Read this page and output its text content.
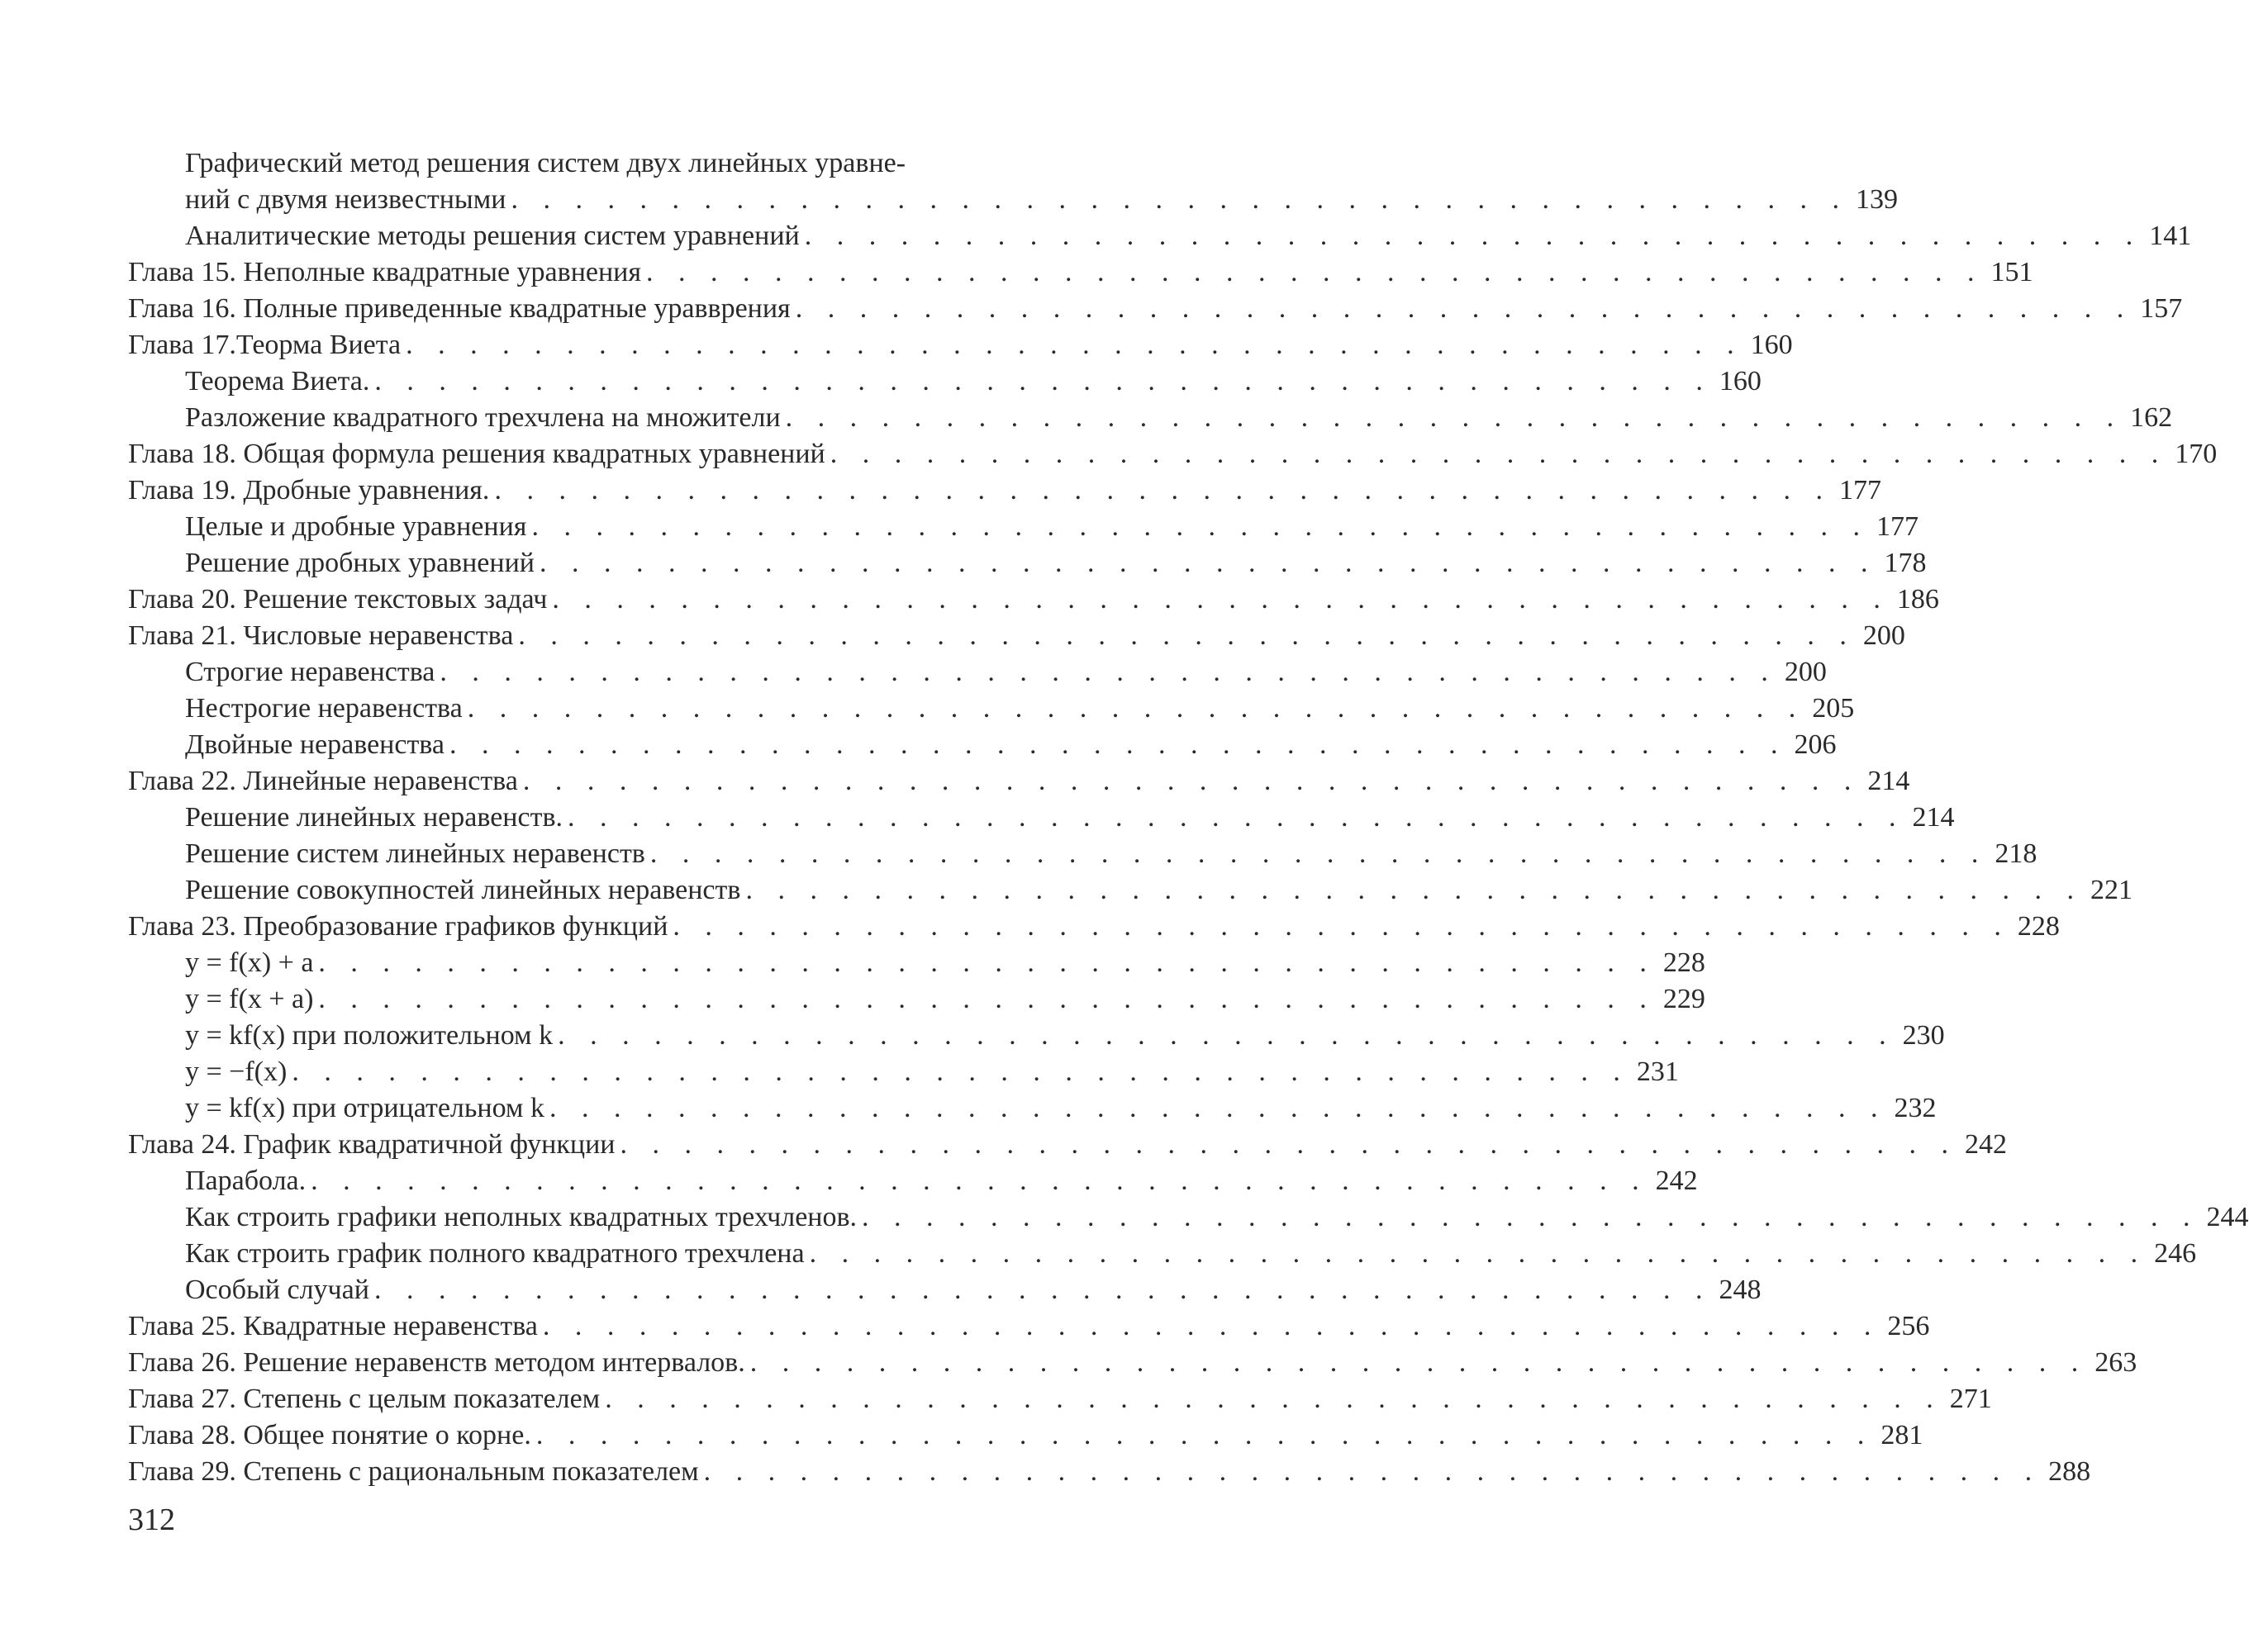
Графический метод решения систем двух линейных уравне-
ний с двумя неизвестными . . . . . . . . . . . . . . . . . . . . . . . . . . . . . . . . . . . . . . . . . . 139
Аналитические методы решения систем уравнений . . . . . . . . . . . . . . . . . . . . . . . . . . . . . . . . . . . . . . . . . . 141
Глава 15. Неполные квадратные уравнения . . . . . . . . . . . . . . . . . . . . . . . . . . . . . . . . . . . . . . . . . . 151
Глава 16. Полные приведенные квадратные уравврения . . . . . . . . . . . . . . . . . . . . . . . . . . . . . . . . . . . . . . . . . . 157
Глава 17.Теорма Виета . . . . . . . . . . . . . . . . . . . . . . . . . . . . . . . . . . . . . . . . . . 160
Теорема Виета. . . . . . . . . . . . . . . . . . . . . . . . . . . . . . . . . . . . . . . . . . . 160
Разложение квадратного трехчлена на множители . . . . . . . . . . . . . . . . . . . . . . . . . . . . . . . . . . . . . . . . . . 162
Глава 18. Общая формула решения квадратных уравнений . . . . . . . . . . . . . . . . . . . . . . . . . . . . . . . . . . . . . . . . . . 170
Глава 19. Дробные уравнения. . . . . . . . . . . . . . . . . . . . . . . . . . . . . . . . . . . . . . . . . . . 177
Целые и дробные уравнения . . . . . . . . . . . . . . . . . . . . . . . . . . . . . . . . . . . . . . . . . . 177
Решение дробных уравнений . . . . . . . . . . . . . . . . . . . . . . . . . . . . . . . . . . . . . . . . . . 178
Глава 20. Решение текстовых задач . . . . . . . . . . . . . . . . . . . . . . . . . . . . . . . . . . . . . . . . . . 186
Глава 21. Числовые неравенства . . . . . . . . . . . . . . . . . . . . . . . . . . . . . . . . . . . . . . . . . . 200
Строгие неравенства . . . . . . . . . . . . . . . . . . . . . . . . . . . . . . . . . . . . . . . . . . 200
Нестрогие неравенства . . . . . . . . . . . . . . . . . . . . . . . . . . . . . . . . . . . . . . . . . . 205
Двойные неравенства . . . . . . . . . . . . . . . . . . . . . . . . . . . . . . . . . . . . . . . . . . 206
Глава 22. Линейные неравенства . . . . . . . . . . . . . . . . . . . . . . . . . . . . . . . . . . . . . . . . . . 214
Решение линейных неравенств. . . . . . . . . . . . . . . . . . . . . . . . . . . . . . . . . . . . . . . . . . . 214
Решение систем линейных неравенств . . . . . . . . . . . . . . . . . . . . . . . . . . . . . . . . . . . . . . . . . . 218
Решение совокупностей линейных неравенств . . . . . . . . . . . . . . . . . . . . . . . . . . . . . . . . . . . . . . . . . . 221
Глава 23. Преобразование графиков функций . . . . . . . . . . . . . . . . . . . . . . . . . . . . . . . . . . . . . . . . . . 228
y = f(x) + a . . . . . . . . . . . . . . . . . . . . . . . . . . . . . . . . . . . . . . . . . . 228
y = f(x + a) . . . . . . . . . . . . . . . . . . . . . . . . . . . . . . . . . . . . . . . . . . 229
y = kf(x) при положительном k . . . . . . . . . . . . . . . . . . . . . . . . . . . . . . . . . . . . . . . . . . 230
y = −f(x) . . . . . . . . . . . . . . . . . . . . . . . . . . . . . . . . . . . . . . . . . . 231
y = kf(x) при отрицательном k . . . . . . . . . . . . . . . . . . . . . . . . . . . . . . . . . . . . . . . . . . 232
Глава 24. График квадратичной функции . . . . . . . . . . . . . . . . . . . . . . . . . . . . . . . . . . . . . . . . . . 242
Парабола. . . . . . . . . . . . . . . . . . . . . . . . . . . . . . . . . . . . . . . . . . . 242
Как строить графики неполных квадратных трехчленов. . . . . . . . . . . . . . . . . . . . . . . . . . . . . . . . . . . . . . . . . . . 244
Как строить график полного квадратного трехчлена . . . . . . . . . . . . . . . . . . . . . . . . . . . . . . . . . . . . . . . . . . 246
Особый случай . . . . . . . . . . . . . . . . . . . . . . . . . . . . . . . . . . . . . . . . . . 248
Глава 25. Квадратные неравенства . . . . . . . . . . . . . . . . . . . . . . . . . . . . . . . . . . . . . . . . . . 256
Глава 26. Решение неравенств методом интервалов. . . . . . . . . . . . . . . . . . . . . . . . . . . . . . . . . . . . . . . . . . . 263
Глава 27. Степень с целым показателем . . . . . . . . . . . . . . . . . . . . . . . . . . . . . . . . . . . . . . . . . . 271
Глава 28. Общее понятие о корне. . . . . . . . . . . . . . . . . . . . . . . . . . . . . . . . . . . . . . . . . . . 281
Глава 29. Степень с рациональным показателем . . . . . . . . . . . . . . . . . . . . . . . . . . . . . . . . . . . . . . . . . . 288
312
